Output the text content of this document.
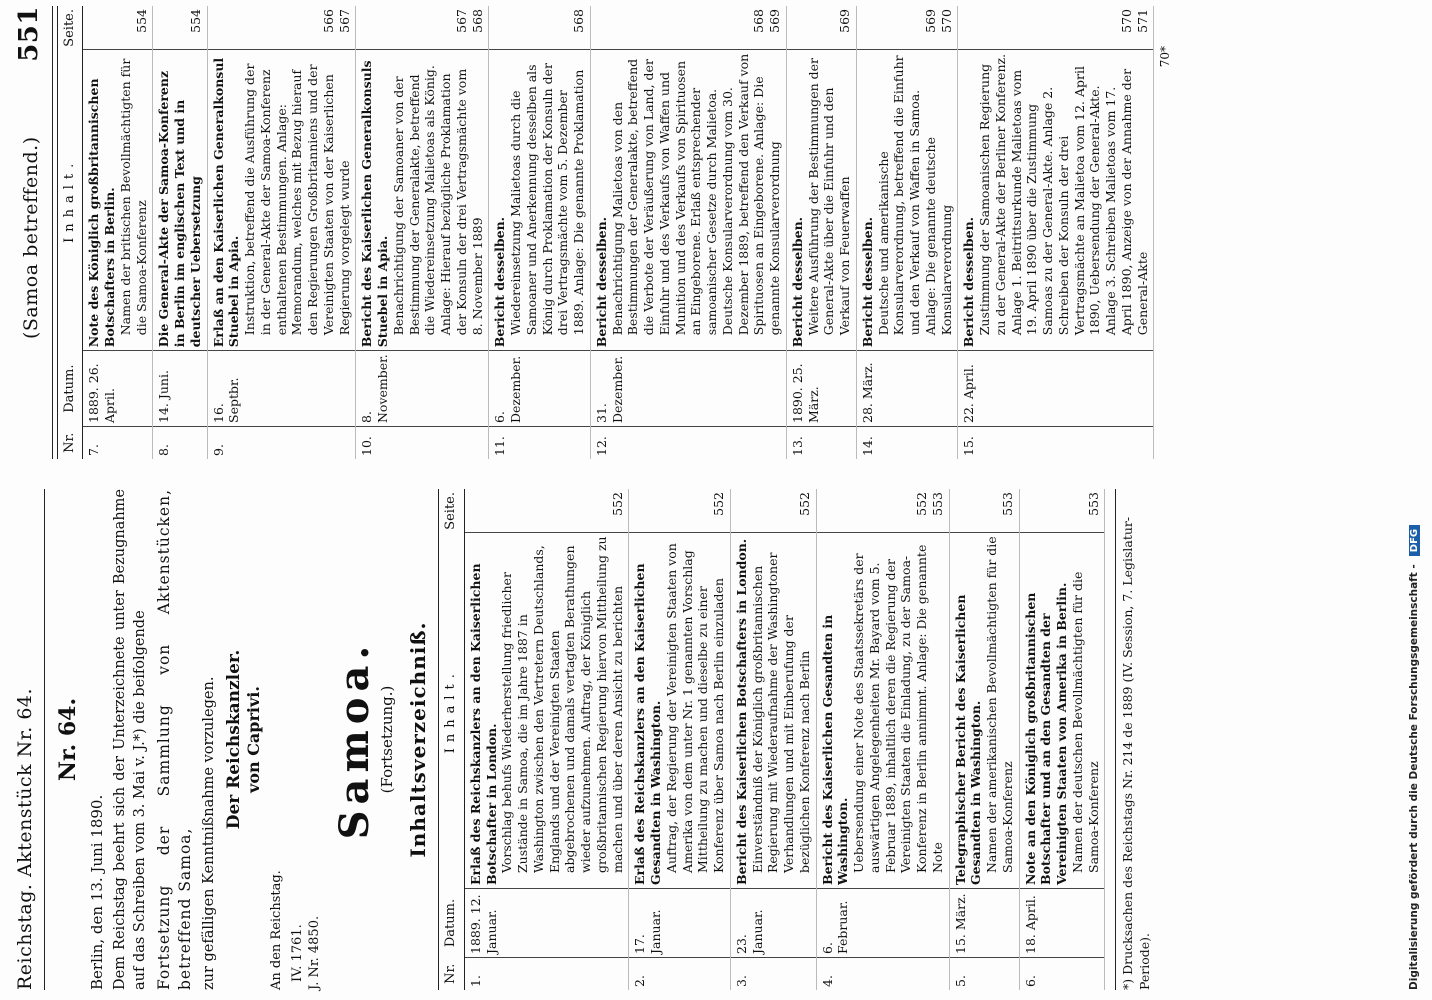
Reichstag. Aktenstück Nr. 64. Nr. 64.
Berlin, den 13. Juni 1890. Dem Reichstag beehrt sich der Unterzeichnete unter Bezugnahme auf das Schreiben vom 3. Mai v. J.*) die beifolgende Fortsetzung der Sammlung von Aktenstücken, betreffend Samoa, zur gefälligen Kenntnißnahme vorzulegen. Der Reichskanzler. von Caprivi.
An den Reichstag. IV. 1761. J. Nr. 4850.
Samoa. (Fortsetzung.) Inhaltsverzeichniß.
Nr.	Datum.	Inhalt.	Seite.
1.	1889. 12. Januar.	Erlaß des Reichskanzlers an den Kaiserlichen Botschafter in London. Vorschlag behufs Wiederherstellung friedlicher Zustände in Samoa, die im Jahre 1887 in Washington zwischen den Vertretern Deutschlands, Englands und der Vereinigten Staaten abgebrochenen und damals vertagten Berathungen wieder aufzunehmen. Auftrag, der Königlich großbritannischen Regierung hiervon Mittheilung zu machen und über deren Ansicht zu berichten	552
2.	17. Januar.	Erlaß des Reichskanzlers an den Kaiserlichen Gesandten in Washington. Auftrag, der Regierung der Vereinigten Staaten von Amerika von dem unter Nr. 1 genannten Vorschlag Mittheilung zu machen und dieselbe zu einer Konferenz über Samoa nach Berlin einzuladen	552
3.	23. Januar.	Bericht des Kaiserlichen Botschafters in London. Einverständniß der Königlich großbritannischen Regierung mit Wiederaufnahme der Washingtoner Verhandlungen und mit Einberufung der bezüglichen Konferenz nach Berlin	552
4.	6. Februar.	Bericht des Kaiserlichen Gesandten in Washington. Uebersendung einer Note des Staatssekretärs der auswärtigen Angelegenheiten Mr. Bayard vom 5. Februar 1889, inhaltlich deren die Regierung der Vereinigten Staaten die Einladung, zu der Samoa-Konferenz in Berlin annimmt. Anlage: Die genannte Note	552 553
5.	15. März.	Telegraphischer Bericht des Kaiserlichen Gesandten in Washington. Namen der amerikanischen Bevollmächtigten für die Samoa-Konferenz	553
6.	18. April.	Note an den Königlich großbritannischen Botschafter und an den Gesandten der Vereinigten Staaten von Amerika in Berlin. Namen der deutschen Bevollmächtigten für die Samoa-Konferenz	553
*) Drucksachen des Reichstags Nr. 214 de 1889 (IV. Session, 7. Legislatur-Periode).
(Samoa betreffend.)
551
Nr.	Datum.	Inhalt.	Seite.
7.	1889. 26. April.	Note des Königlich großbritannischen Botschafters in Berlin. Namen der britischen Bevollmächtigten für die Samoa-Konferenz	554
8.	14. Juni.	Die General-Akte der Samoa-Konferenz in Berlin im englischen Text und in deutscher Uebersetzung	554
9.	16. Septbr.	Erlaß an den Kaiserlichen Generalkonsul Stuebel in Apia. Instruktion, betreffend die Ausführung der in der General-Akte der Samoa-Konferenz enthaltenen Bestimmungen. Anlage: Memorandum, welches mit Bezug hierauf den Regierungen Großbritanniens und der Vereinigten Staaten von der Kaiserlichen Regierung vorgelegt wurde	566 567
10.	8. November.	Bericht des Kaiserlichen Generalkonsuls Stuebel in Apia. Benachrichtigung der Samoaner von der Bestimmung der Generalakte, betreffend die Wiedereinsetzung Malietoas als König. Anlage: Hierauf bezügliche Proklamation der Konsuln der drei Vertragsmächte vom 8. November 1889	567 568
11.	6. Dezember.	Bericht desselben. Wiedereinsetzung Malietoas durch die Samoaner und Anerkennung desselben als König durch Proklamation der Konsuln der drei Vertragsmächte vom 5. Dezember 1889. Anlage: Die genannte Proklamation	568
12.	31. Dezember.	Bericht desselben. Benachrichtigung Malietoas von den Bestimmungen der Generalakte, betreffend die Verbote der Veräußerung von Land, der Einfuhr und des Verkaufs von Waffen und Munition und des Verkaufs von Spirituosen an Eingeborene. Erlaß entsprechender samoanischer Gesetze durch Malietoa. Deutsche Konsularverordnung vom 30. Dezember 1889, betreffend den Verkauf von Spirituosen an Eingeborene. Anlage: Die genannte Konsularverordnung	568 569
13.	1890. 25. März.	Bericht desselben. Weitere Ausführung der Bestimmungen der General-Akte über die Einfuhr und den Verkauf von Feuerwaffen	569
14.	28. März.	Bericht desselben. Deutsche und amerikanische Konsularverordnung, betreffend die Einfuhr und den Verkauf von Waffen in Samoa. Anlage: Die genannte deutsche Konsularverordnung	569 570
15.	22. April.	Bericht desselben. Zustimmung der Samoanischen Regierung zu der General-Akte der Berliner Konferenz. Anlage 1. Beitrittsurkunde Malietoas vom 19. April 1890 über die Zustimmung Samoas zu der General-Akte. Anlage 2. Schreiben der Konsuln der drei Vertragsmächte an Malietoa vom 12. April 1890, Uebersendung der General-Akte. Anlage 3. Schreiben Malietoas vom 17. April 1890, Anzeige von der Annahme der General-Akte	570 571
70*
Digitalisierung gefördert durch die Deutsche Forschungsgemeinschaft -
DFG
